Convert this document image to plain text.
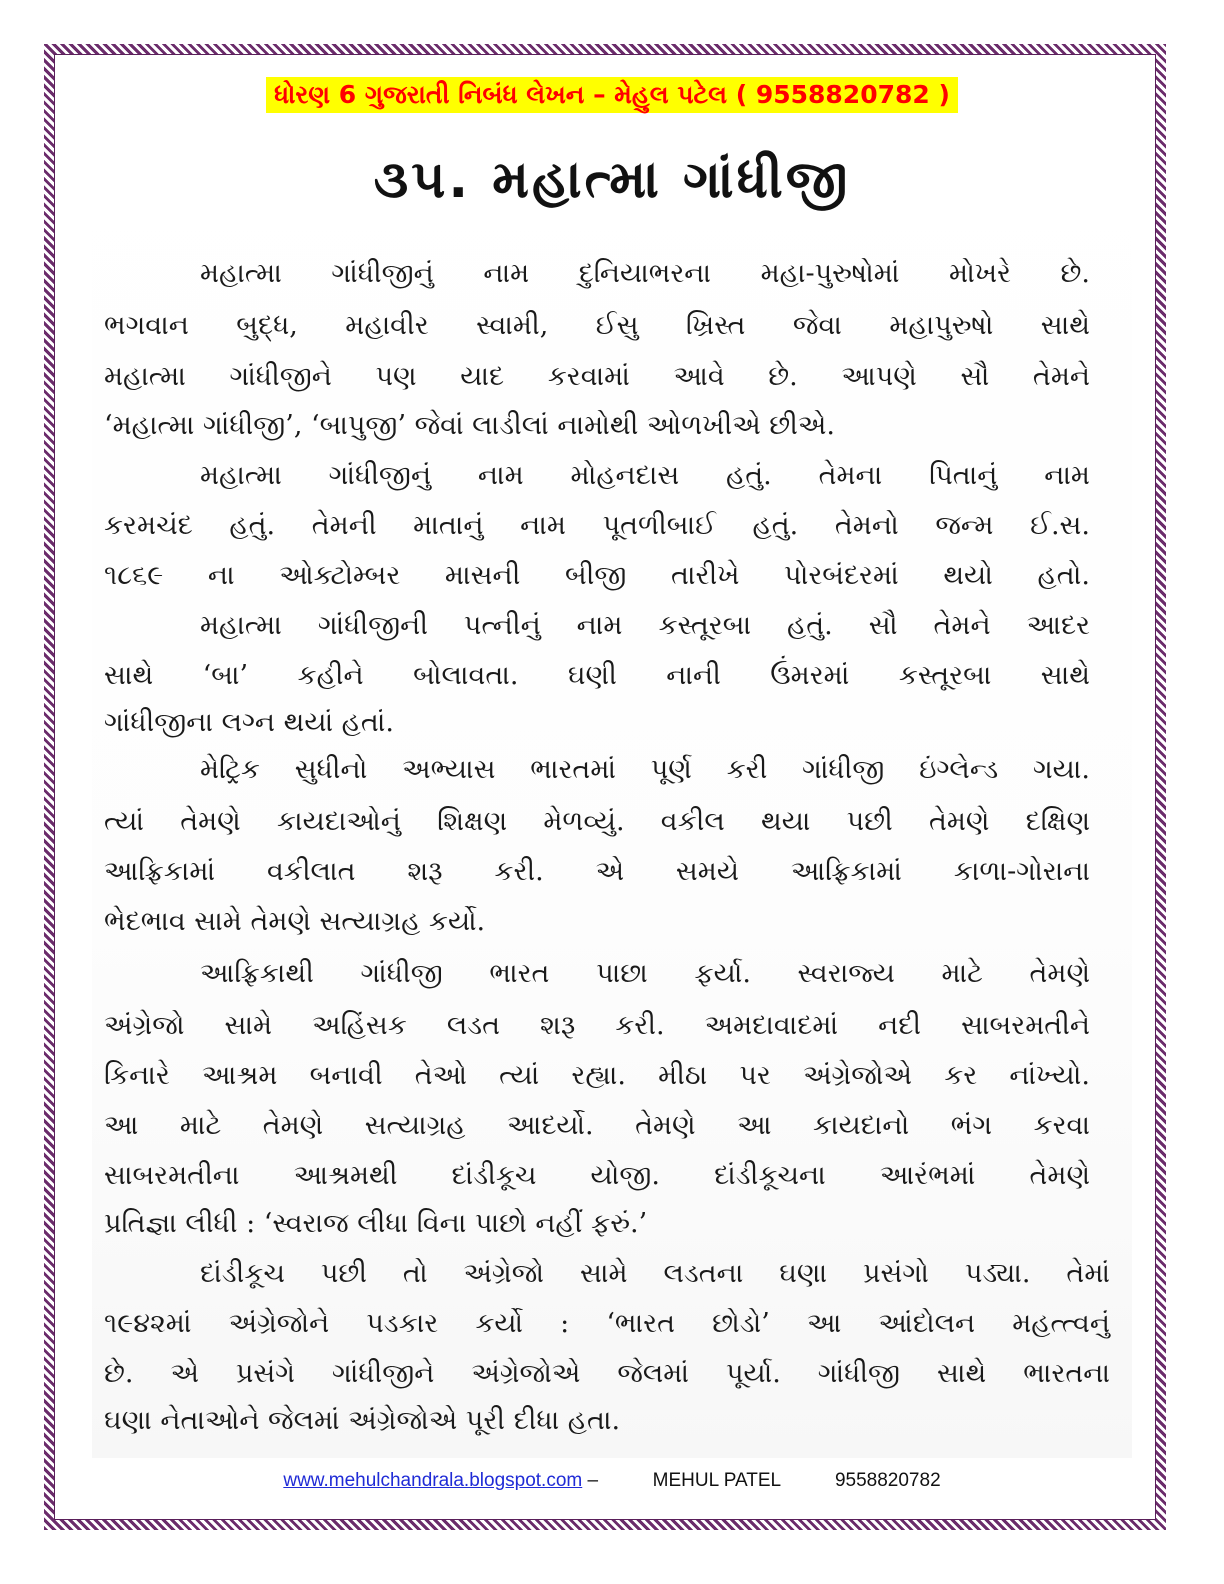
ધોરણ 6 ગુજરાતી નિબંધ લેખન – મેહુલ પટેલ ( 9558820782 )
૩૫. મહાત્મા ગાંધીજી
મહાત્મા ગાંધીજીનું નામ દુનિયાભરના મહા-પુરુષોમાં મોખરે છે.
ભગવાન બુદ્ધ, મહાવીર સ્વામી, ઈસુ ખ્રિસ્ત જેવા મહાપુરુષો સાથે
મહાત્મા ગાંધીજીને પણ યાદ કરવામાં આવે છે. આપણે સૌ તેમને
‘મહાત્મા ગાંધીજી’, ‘બાપુજી’ જેવાં લાડીલાં નામોથી ઓળખીએ છીએ.
મહાત્મા ગાંધીજીનું નામ મોહનદાસ હતું. તેમના પિતાનું નામ
કરમચંદ હતું. તેમની માતાનું નામ પૂતળીબાઈ હતું. તેમનો જન્મ ઈ.સ.
૧૮૬૯ ના ઓક્ટોમ્બર માસની બીજી તારીખે પોરબંદરમાં થયો હતો.
મહાત્મા ગાંધીજીની પત્નીનું નામ કસ્તૂરબા હતું. સૌ તેમને આદર
સાથે ‘બા’ કહીને બોલાવતા. ઘણી નાની ઉંમરમાં કસ્તૂરબા સાથે
ગાંધીજીના લગ્ન થયાં હતાં.
મેટ્રિક સુધીનો અભ્યાસ ભારતમાં પૂર્ણ કરી ગાંધીજી ઇંગ્લેન્ડ ગયા.
ત્યાં તેમણે કાયદાઓનું શિક્ષણ મેળવ્યું. વકીલ થયા પછી તેમણે દક્ષિણ
આફ્રિકામાં વકીલાત શરૂ કરી. એ સમયે આફ્રિકામાં કાળા-ગોરાના
ભેદભાવ સામે તેમણે સત્યાગ્રહ કર્યો.
આફ્રિકાથી ગાંધીજી ભારત પાછા ફર્યા. સ્વરાજ્ય માટે તેમણે
અંગ્રેજો સામે અહિંસક લડત શરૂ કરી. અમદાવાદમાં નદી સાબરમતીને
કિનારે આશ્રમ બનાવી તેઓ ત્યાં રહ્યા. મીઠા પર અંગ્રેજોએ કર નાંખ્યો.
આ માટે તેમણે સત્યાગ્રહ આદર્યો. તેમણે આ કાયદાનો ભંગ કરવા
સાબરમતીના આશ્રમથી દાંડીકૂચ યોજી. દાંડીકૂચના આરંભમાં તેમણે
પ્રતિજ્ઞા લીધી : ‘સ્વરાજ લીધા વિના પાછો નહીં ફરું.’
દાંડીકૂચ પછી તો અંગ્રેજો સામે લડતના ઘણા પ્રસંગો પડ્યા. તેમાં
૧૯૪૨માં અંગ્રેજોને પડકાર કર્યો : ‘ભારત છોડો’ આ આંદોલન મહત્ત્વનું
છે. એ પ્રસંગે ગાંધીજીને અંગ્રેજોએ જેલમાં પૂર્યા. ગાંધીજી સાથે ભારતના
ઘણા નેતાઓને જેલમાં અંગ્રેજોએ પૂરી દીધા હતા.
www.mehulchandrala.blogspot.com –	MEHUL PATEL	9558820782
